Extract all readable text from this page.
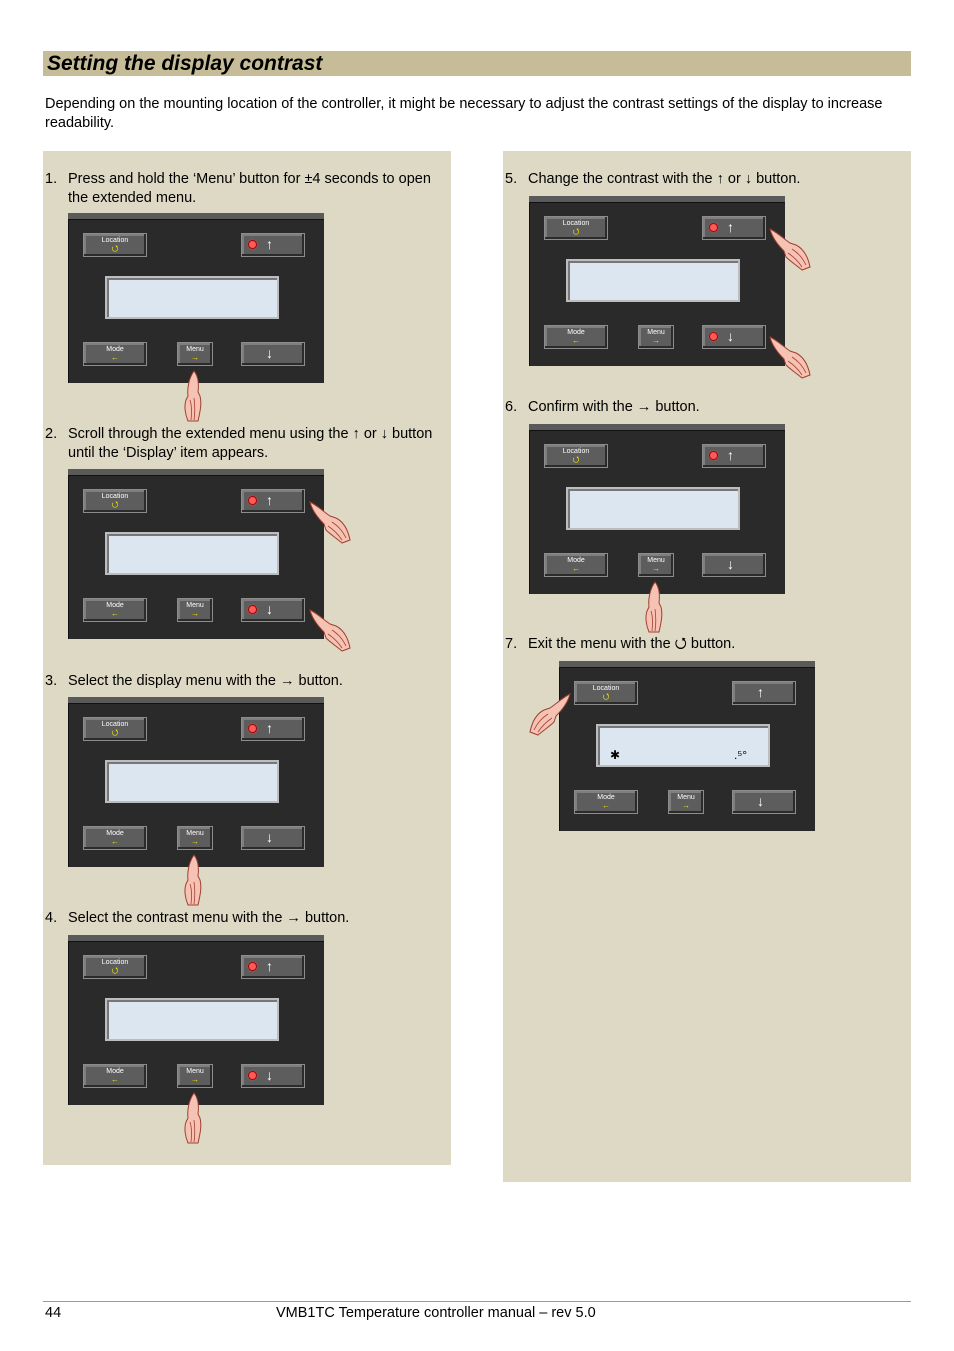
Setting the display contrast

Depending on the mounting location of the controller, it might be necessary to adjust the contrast settings of the display to increase readability.

1. Press and hold the ‘Menu’ button for ±4 seconds to open the extended menu.
2. Scroll through the extended menu using the ↑ or ↓ button until the ‘Display’ item appears.
3. Select the display menu with the → button.
4. Select the contrast menu with the → button.
5. Change the contrast with the ↑ or ↓ button.
6. Confirm with the → button.
7. Exit the menu with the ⭯ button.
Location
⭯	↑
Mode
←
Menu
→	↓
Location
⭯	↑
Mode
←
Menu
→	↓
Location
⭯	↑
Mode
←
Menu
→	↓
Location
⭯	↑
Mode
←
Menu
→	↓
Location
⭯	↑
Mode
←
Menu
→	↓
Location
⭯	↑
Mode
←
Menu
→	↓
Location
⭯	↑
✱	.⁵°
Mode
←
Menu
→	↓
44	VMB1TC Temperature controller manual – rev 5.0
